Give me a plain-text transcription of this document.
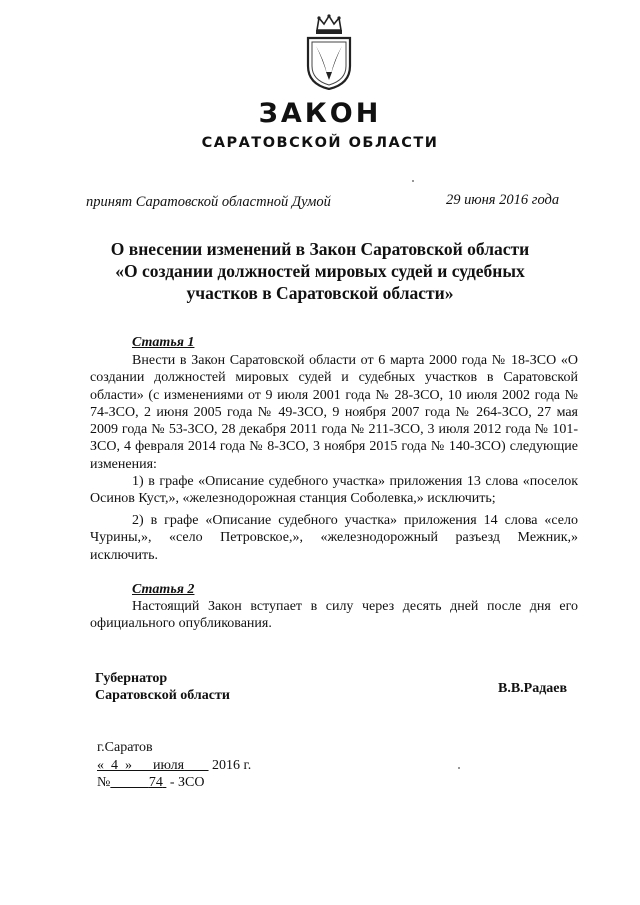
ЗАКОН
САРАТОВСКОЙ ОБЛАСТИ
принят Саратовской областной Думой	29 июня 2016 года
О внесении изменений в Закон Саратовской области
«О создании должностей мировых судей и судебных
участков в Саратовской области»
Статья 1
Внести в Закон Саратовской области от 6 марта 2000 года № 18-ЗСО «О создании должностей мировых судей и судебных участков в Саратовской области» (с изменениями от 9 июля 2001 года № 28-ЗСО, 10 июля 2002 года № 74-ЗСО, 2 июня 2005 года № 49-ЗСО, 9 ноября 2007 года № 264-ЗСО, 27 мая 2009 года № 53-ЗСО, 28 декабря 2011 года № 211-ЗСО, 3 июля 2012 года № 101-ЗСО, 4 февраля 2014 года № 8-ЗСО, 3 ноября 2015 года № 140-ЗСО) следующие изменения:
1) в графе «Описание судебного участка» приложения 13 слова «поселок Осинов Куст,», «железнодорожная станция Соболевка,» исключить;
2) в графе «Описание судебного участка» приложения 14 слова «село Чурины,», «село Петровское,», «железнодорожный разъезд Межник,» исключить.
Статья 2
Настоящий Закон вступает в силу через десять дней после дня его официального опубликования.
Губернатор
Саратовской области	В.В.Радаев
г.Саратов
«  4  »      июля 2016 г.
№	74 - ЗСО
